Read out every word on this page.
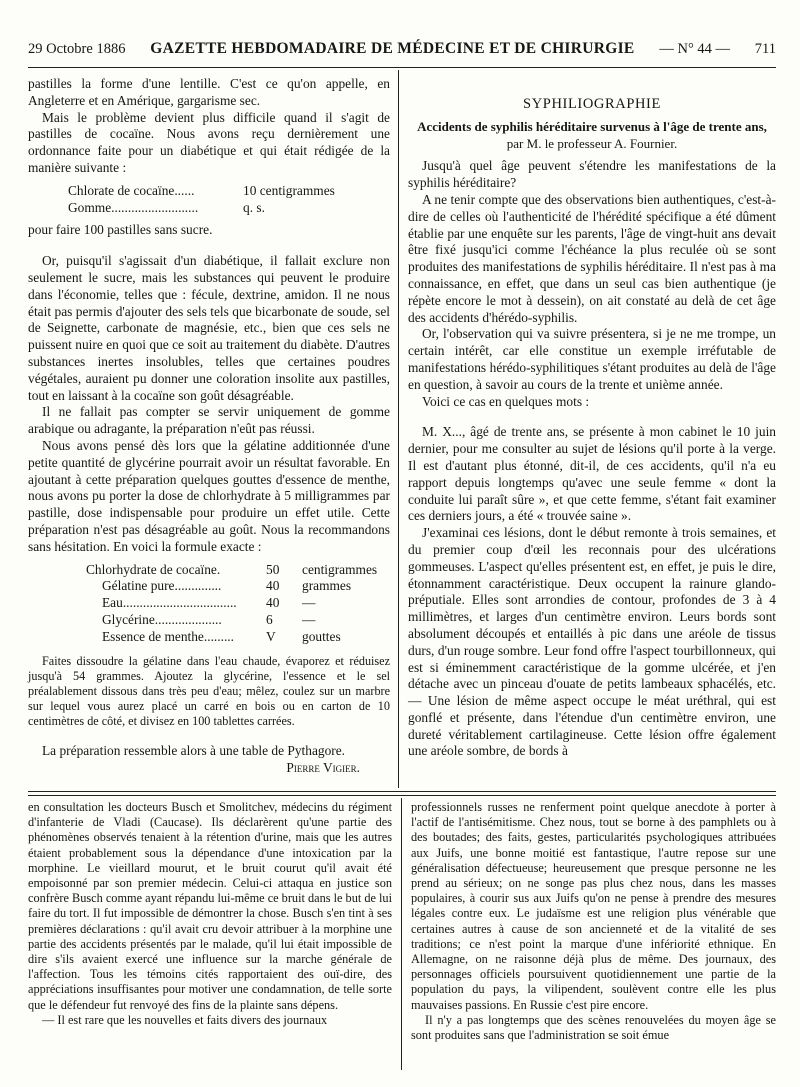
29 Octobre 1886 GAZETTE HEBDOMADAIRE DE MÉDECINE ET DE CHIRURGIE — N° 44 — 711

pastilles la forme d'une lentille. C'est ce qu'on appelle, en Angleterre et en Amérique, gargarisme sec.

Mais le problème devient plus difficile quand il s'agit de pastilles de cocaïne. Nous avons reçu dernièrement une ordonnance faite pour un diabétique et qui était rédigée de la manière suivante :

Chlorate de cocaïne......	10 centigrammes
Gomme..........................	q. s.

pour faire 100 pastilles sans sucre.

Or, puisqu'il s'agissait d'un diabétique, il fallait exclure non seulement le sucre, mais les substances qui peuvent le produire dans l'économie, telles que : fécule, dextrine, amidon. Il ne nous était pas permis d'ajouter des sels tels que bicarbonate de soude, sel de Seignette, carbonate de magnésie, etc., bien que ces sels ne puissent nuire en quoi que ce soit au traitement du diabète. D'autres substances inertes insolubles, telles que certaines poudres végétales, auraient pu donner une coloration insolite aux pastilles, tout en laissant à la cocaïne son goût désagréable.

Il ne fallait pas compter se servir uniquement de gomme arabique ou adragante, la préparation n'eût pas réussi.

Nous avons pensé dès lors que la gélatine additionnée d'une petite quantité de glycérine pourrait avoir un résultat favorable. En ajoutant à cette préparation quelques gouttes d'essence de menthe, nous avons pu porter la dose de chlorhydrate à 5 milligrammes par pastille, dose indispensable pour produire un effet utile. Cette préparation n'est pas désagréable au goût. Nous la recommandons sans hésitation. En voici la formule exacte :

Chlorhydrate de cocaïne.	50	centigrammes
Gélatine pure..............	40	grammes
Eau..................................	40	—
Glycérine....................	6	—
Essence de menthe.........	V	gouttes

Faites dissoudre la gélatine dans l'eau chaude, évaporez et réduisez jusqu'à 54 grammes. Ajoutez la glycérine, l'essence et le sel préalablement dissous dans très peu d'eau; mêlez, coulez sur un marbre sur lequel vous aurez placé un carré en bois ou en carton de 10 centimètres de côté, et divisez en 100 tablettes carrées.

La préparation ressemble alors à une table de Pythagore.

Pierre Vigier.

SYPHILIOGRAPHIE
Accidents de syphilis héréditaire survenus à l'âge de trente ans, par M. le professeur A. Fournier.

Jusqu'à quel âge peuvent s'étendre les manifestations de la syphilis héréditaire?

A ne tenir compte que des observations bien authentiques, c'est-à-dire de celles où l'authenticité de l'hérédité spécifique a été dûment établie par une enquête sur les parents, l'âge de vingt-huit ans devait être fixé jusqu'ici comme l'échéance la plus reculée où se sont produites des manifestations de syphilis héréditaire. Il n'est pas à ma connaissance, en effet, que dans un seul cas bien authentique (je répète encore le mot à dessein), on ait constaté au delà de cet âge des accidents d'hérédo-syphilis.

Or, l'observation qui va suivre présentera, si je ne me trompe, un certain intérêt, car elle constitue un exemple irréfutable de manifestations hérédo-syphilitiques s'étant produites au delà de l'âge en question, à savoir au cours de la trente et unième année.

Voici ce cas en quelques mots :

M. X..., âgé de trente ans, se présente à mon cabinet le 10 juin dernier, pour me consulter au sujet de lésions qu'il porte à la verge. Il est d'autant plus étonné, dit-il, de ces accidents, qu'il n'a eu rapport depuis longtemps qu'avec une seule femme « dont la conduite lui paraît sûre », et que cette femme, s'étant fait examiner ces derniers jours, a été « trouvée saine ».

J'examinai ces lésions, dont le début remonte à trois semaines, et du premier coup d'œil les reconnais pour des ulcérations gommeuses. L'aspect qu'elles présentent est, en effet, je puis le dire, étonnamment caractéristique. Deux occupent la rainure glando-préputiale. Elles sont arrondies de contour, profondes de 3 à 4 millimètres, et larges d'un centimètre environ. Leurs bords sont absolument découpés et entaillés à pic dans une aréole de tissus durs, d'un rouge sombre. Leur fond offre l'aspect tourbillonneux, qui est si éminemment caractéristique de la gomme ulcérée, et j'en détache avec un pinceau d'ouate de petits lambeaux sphacélés, etc. — Une lésion de même aspect occupe le méat uréthral, qui est gonflé et présente, dans l'étendue d'un centimètre environ, une dureté véritablement cartilagineuse. Cette lésion offre également une aréole sombre, de bords à

en consultation les docteurs Busch et Smolitchev, médecins du régiment d'infanterie de Vladi (Caucase). Ils déclarèrent qu'une partie des phénomènes observés tenaient à la rétention d'urine, mais que les autres étaient probablement sous la dépendance d'une intoxication par la morphine. Le vieillard mourut, et le bruit courut qu'il avait été empoisonné par son premier médecin. Celui-ci attaqua en justice son confrère Busch comme ayant répandu lui-même ce bruit dans le but de lui faire du tort. Il fut impossible de démontrer la chose. Busch s'en tint à ses premières déclarations : qu'il avait cru devoir attribuer à la morphine une partie des accidents présentés par le malade, qu'il lui était impossible de dire s'ils avaient exercé une influence sur la marche générale de l'affection. Tous les témoins cités rapportaient des ouï-dire, des appréciations insuffisantes pour motiver une condamnation, de telle sorte que le défendeur fut renvoyé des fins de la plainte sans dépens.

— Il est rare que les nouvelles et faits divers des journaux

professionnels russes ne renferment point quelque anecdote à porter à l'actif de l'antisémitisme. Chez nous, tout se borne à des pamphlets ou à des boutades; des faits, gestes, particularités psychologiques attribuées aux Juifs, une bonne moitié est fantastique, l'autre repose sur une généralisation défectueuse; heureusement que presque personne ne les prend au sérieux; on ne songe pas plus chez nous, dans les masses populaires, à courir sus aux Juifs qu'on ne pense à prendre des mesures légales contre eux. Le judaïsme est une religion plus vénérable que certaines autres à cause de son ancienneté et de la vitalité de ses traditions; ce n'est point la marque d'une infériorité ethnique. En Allemagne, on ne raisonne déjà plus de même. Des journaux, des personnages officiels poursuivent quotidiennement une partie de la population du pays, la vilipendent, soulèvent contre elle les plus mauvaises passions. En Russie c'est pire encore.

Il n'y a pas longtemps que des scènes renouvelées du moyen âge se sont produites sans que l'administration se soit émue
